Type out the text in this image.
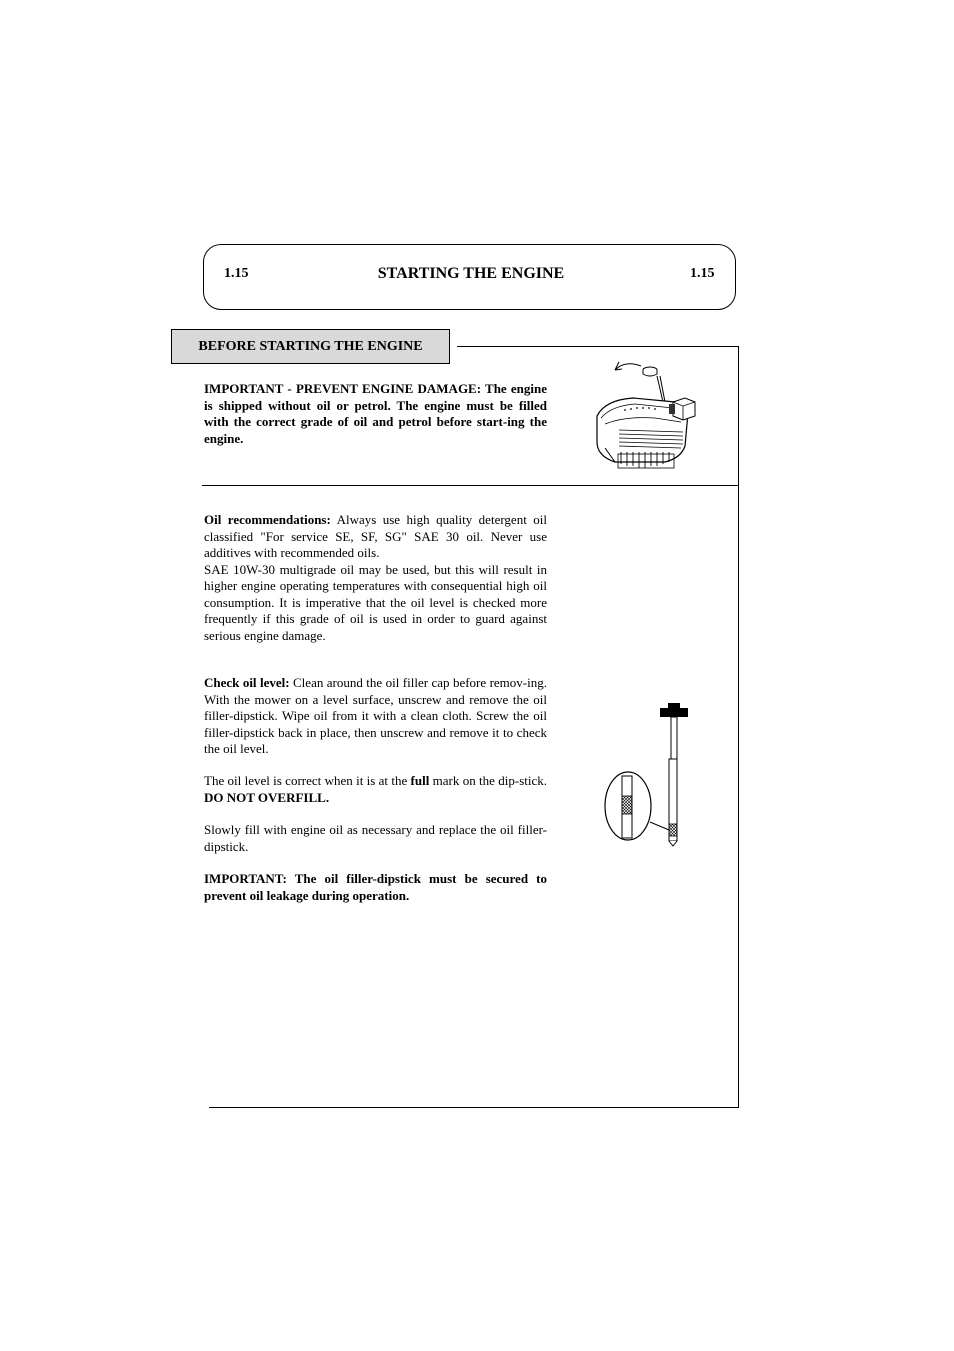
1.15	STARTING THE ENGINE	1.15
BEFORE STARTING THE ENGINE

IMPORTANT - PREVENT ENGINE DAMAGE: The engine is shipped without oil or petrol. The engine must be filled with the correct grade of oil and petrol before start-ing the engine.

Oil recommendations: Always use high quality detergent oil classified "For service SE, SF, SG" SAE 30 oil. Never use additives with recommended oils.
SAE 10W-30 multigrade oil may be used, but this will result in higher engine operating temperatures with consequential high oil consumption. It is imperative that the oil level is checked more frequently if this grade of oil is used in order to guard against serious engine damage.

Check oil level: Clean around the oil filler cap before remov-ing. With the mower on a level surface, unscrew and remove the oil filler-dipstick. Wipe oil from it with a clean cloth. Screw the oil filler-dipstick back in place, then unscrew and remove it to check the oil level.

The oil level is correct when it is at the full mark on the dip-stick. DO NOT OVERFILL.

Slowly fill with engine oil as necessary and replace the oil filler-dipstick.

IMPORTANT: The oil filler-dipstick must be secured to prevent oil leakage during operation.
